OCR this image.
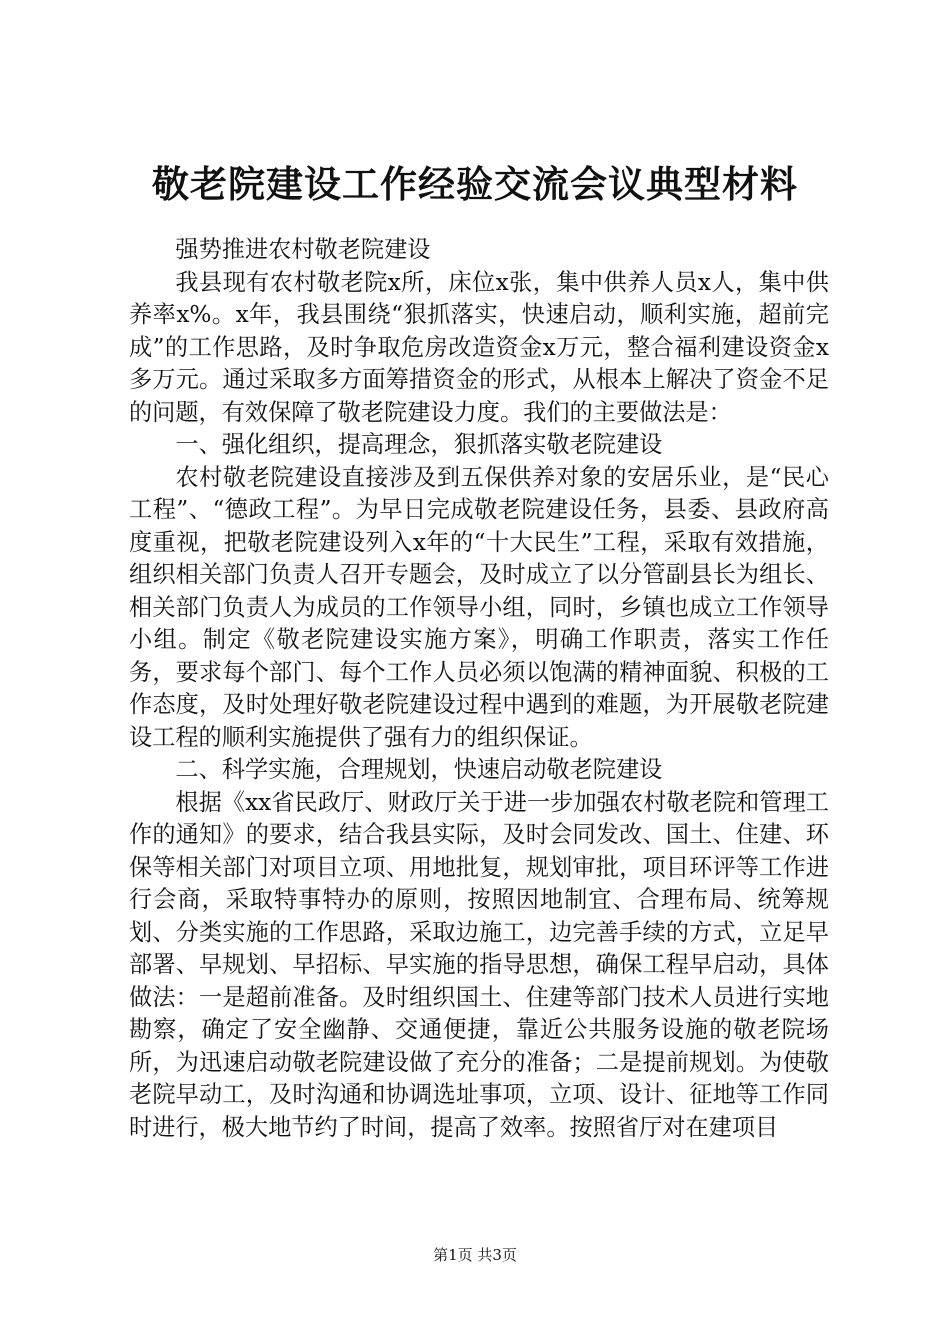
敬老院建设工作经验交流会议典型材料

强势推进农村敬老院建设

我县现有农村敬老院x所，床位x张，集中供养人员x人，集中供养率x%。x年，我县围绕“狠抓落实，快速启动，顺利实施，超前完成”的工作思路，及时争取危房改造资金x万元，整合福利建设资金x多万元。通过采取多方面筹措资金的形式，从根本上解决了资金不足的问题，有效保障了敬老院建设力度。我们的主要做法是：

一、强化组织，提高理念，狠抓落实敬老院建设

农村敬老院建设直接涉及到五保供养对象的安居乐业，是“民心工程”、“德政工程”。为早日完成敬老院建设任务，县委、县政府高度重视，把敬老院建设列入x年的“十大民生”工程，采取有效措施，组织相关部门负责人召开专题会，及时成立了以分管副县长为组长、相关部门负责人为成员的工作领导小组，同时，乡镇也成立工作领导小组。制定《敬老院建设实施方案》，明确工作职责，落实工作任务，要求每个部门、每个工作人员必须以饱满的精神面貌、积极的工作态度，及时处理好敬老院建设过程中遇到的难题，为开展敬老院建设工程的顺利实施提供了强有力的组织保证。

二、科学实施，合理规划，快速启动敬老院建设

根据《xx省民政厅、财政厅关于进一步加强农村敬老院和管理工作的通知》的要求，结合我县实际，及时会同发改、国土、住建、环保等相关部门对项目立项、用地批复，规划审批，项目环评等工作进行会商，采取特事特办的原则，按照因地制宜、合理布局、统筹规划、分类实施的工作思路，采取边施工，边完善手续的方式，立足早部署、早规划、早招标、早实施的指导思想，确保工程早启动，具体做法：一是超前准备。及时组织国土、住建等部门技术人员进行实地勘察，确定了安全幽静、交通便捷，靠近公共服务设施的敬老院场所，为迅速启动敬老院建设做了充分的准备；二是提前规划。为使敬老院早动工，及时沟通和协调选址事项，立项、设计、征地等工作同时进行，极大地节约了时间，提高了效率。按照省厅对在建项目

第1页 共3页
